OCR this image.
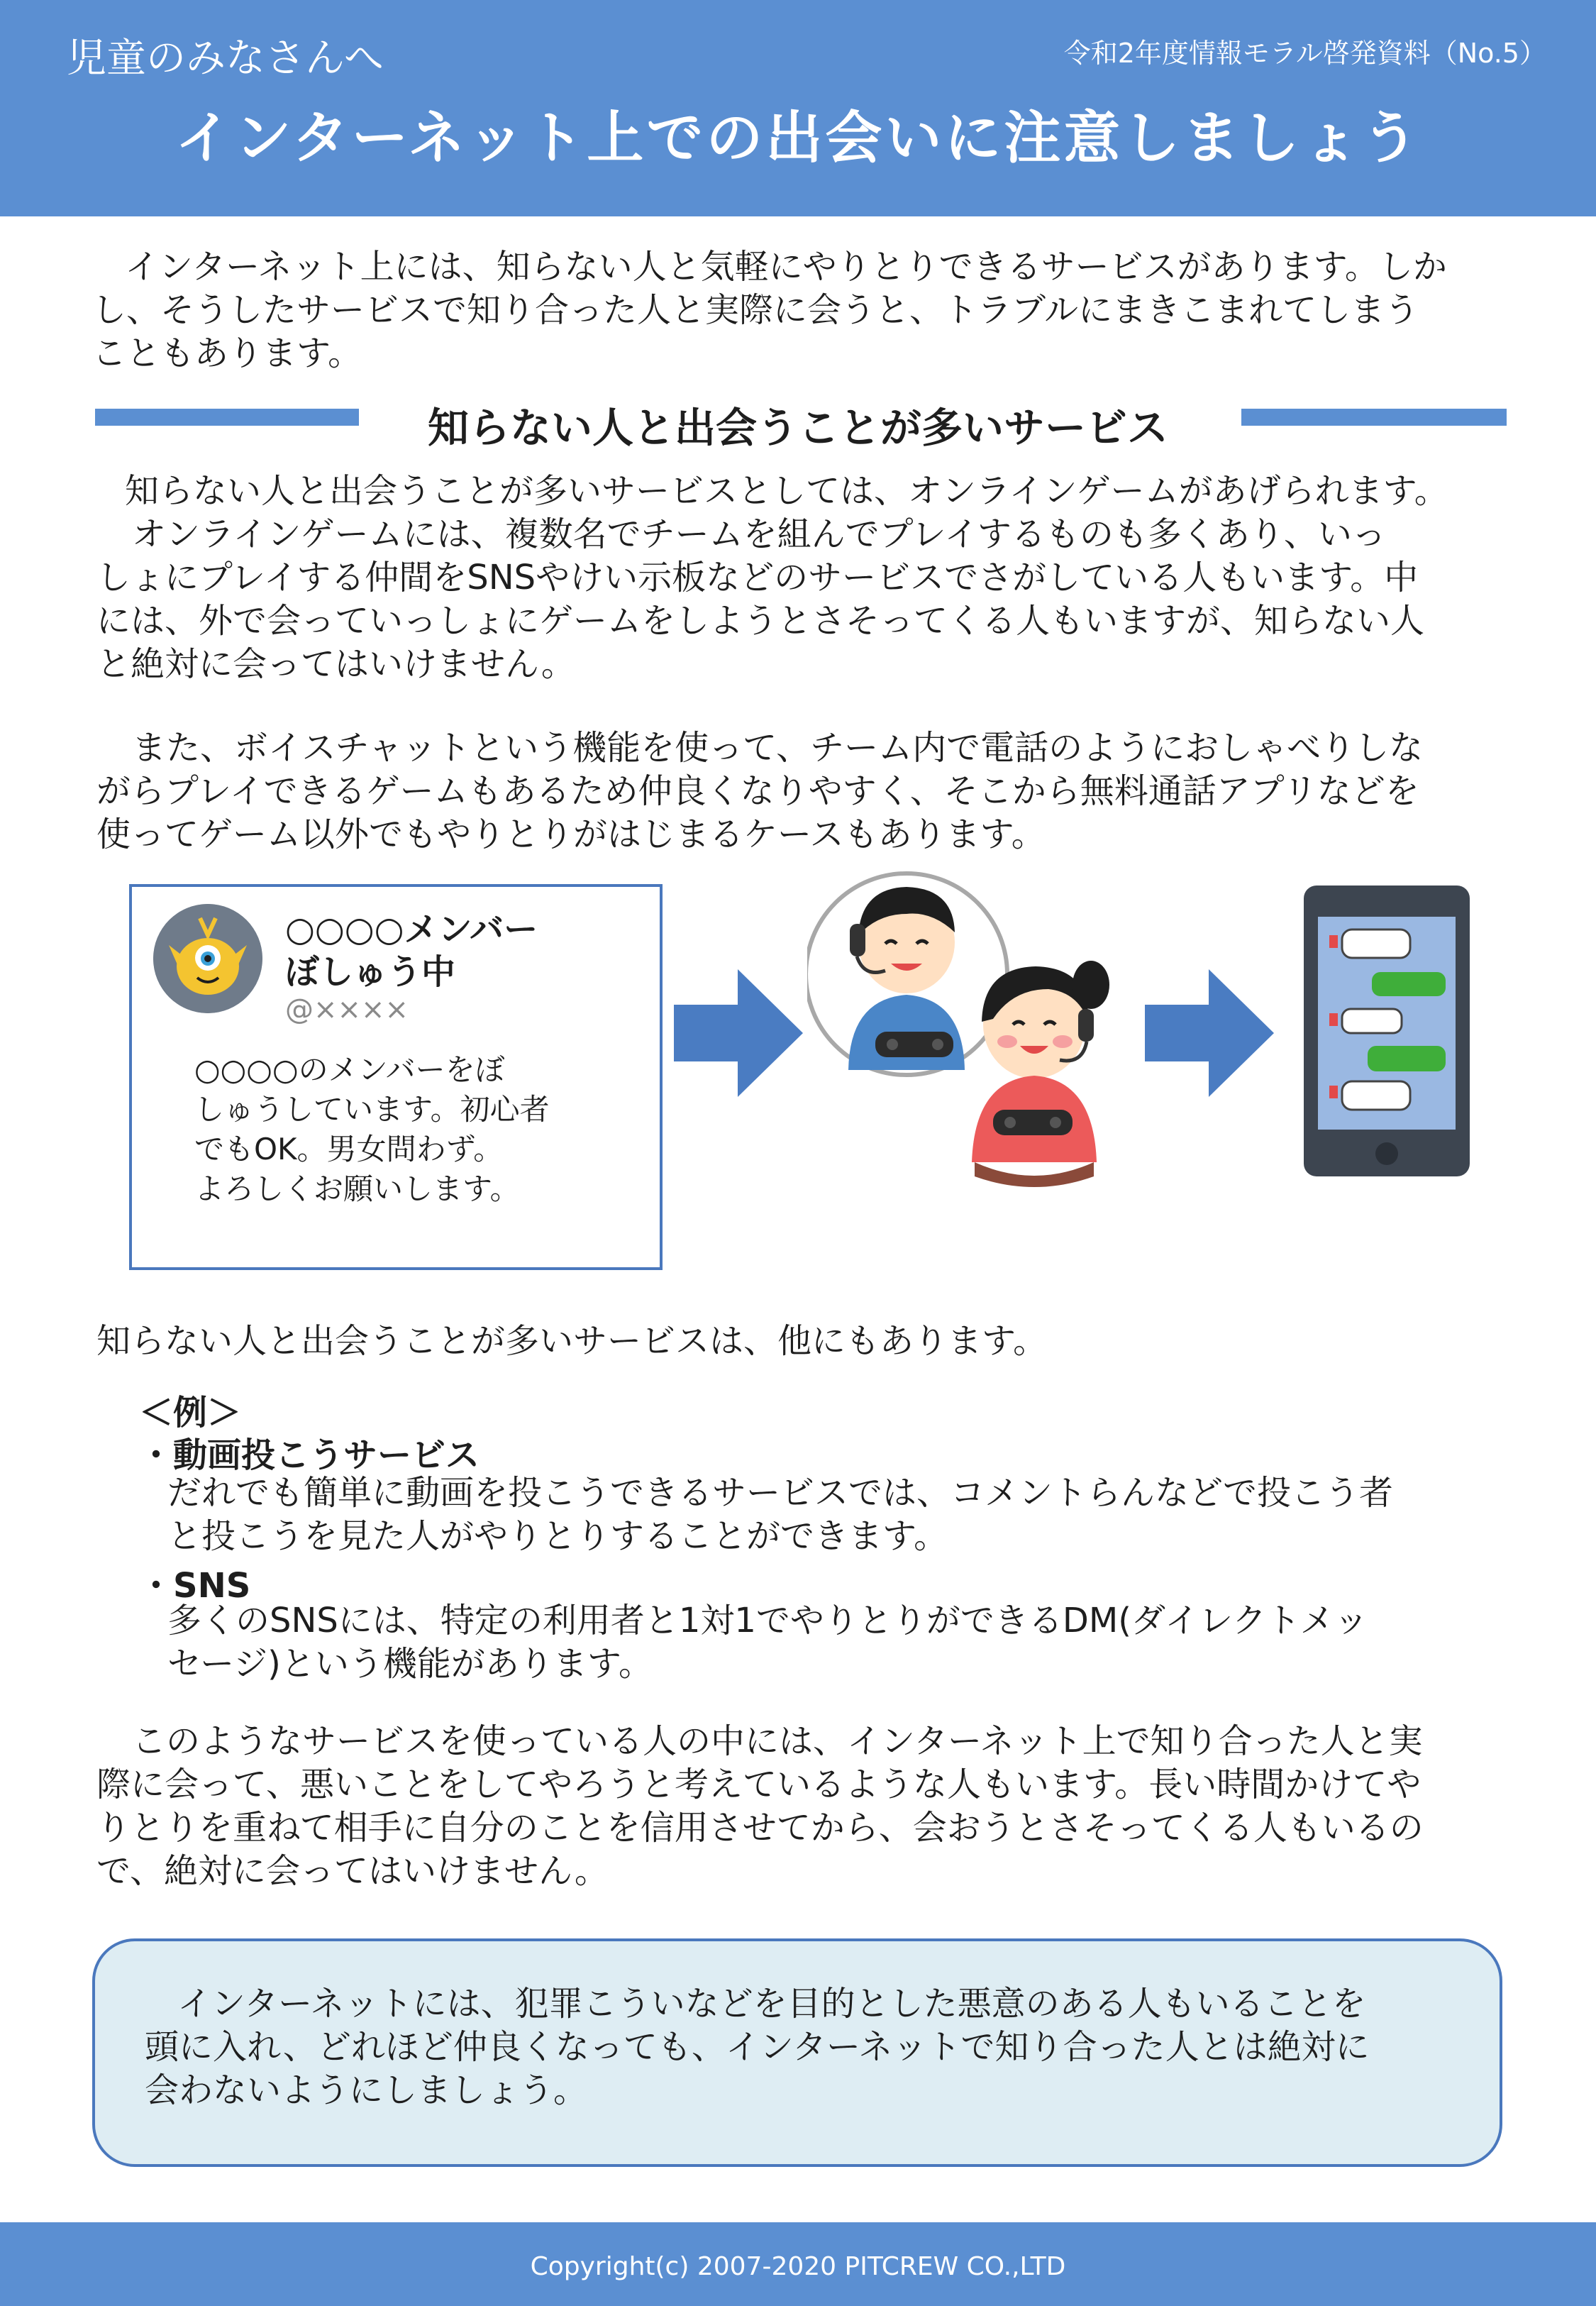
児童のみなさんへ	令和2年度情報モラル啓発資料（No.5）
インターネット上での出会いに注意しましょう
インターネット上には、知らない人と気軽にやりとりできるサービスがあります。しか
し、そうしたサービスで知り合った人と実際に会うと、トラブルにまきこまれてしまう
こともあります。
知らない人と出会うことが多いサービス
知らない人と出会うことが多いサービスとしては、オンラインゲームがあげられます。
オンラインゲームには、複数名でチームを組んでプレイするものも多くあり、いっ
しょにプレイする仲間をSNSやけい示板などのサービスでさがしている人もいます。中
には、外で会っていっしょにゲームをしようとさそってくる人もいますが、知らない人
と絶対に会ってはいけません。
また、ボイスチャットという機能を使って、チーム内で電話のようにおしゃべりしな
がらプレイできるゲームもあるため仲良くなりやすく、そこから無料通話アプリなどを
使ってゲーム以外でもやりとりがはじまるケースもあります。
○○○○メンバー
ぼしゅう中
@××××
○○○○のメンバーをぼ
しゅうしています。初心者
でもOK。男女問わず。
よろしくお願いします。
知らない人と出会うことが多いサービスは、他にもあります。
＜例＞
・動画投こうサービス
だれでも簡単に動画を投こうできるサービスでは、コメントらんなどで投こう者
と投こうを見た人がやりとりすることができます。
・SNS
多くのSNSには、特定の利用者と1対1でやりとりができるDM(ダイレクトメッ
セージ)という機能があります。
このようなサービスを使っている人の中には、インターネット上で知り合った人と実
際に会って、悪いことをしてやろうと考えているような人もいます。長い時間かけてや
りとりを重ねて相手に自分のことを信用させてから、会おうとさそってくる人もいるの
で、絶対に会ってはいけません。
インターネットには、犯罪こういなどを目的とした悪意のある人もいることを
頭に入れ、どれほど仲良くなっても、インターネットで知り合った人とは絶対に
会わないようにしましょう。
Copyright(c) 2007-2020 PITCREW CO.,LTD
